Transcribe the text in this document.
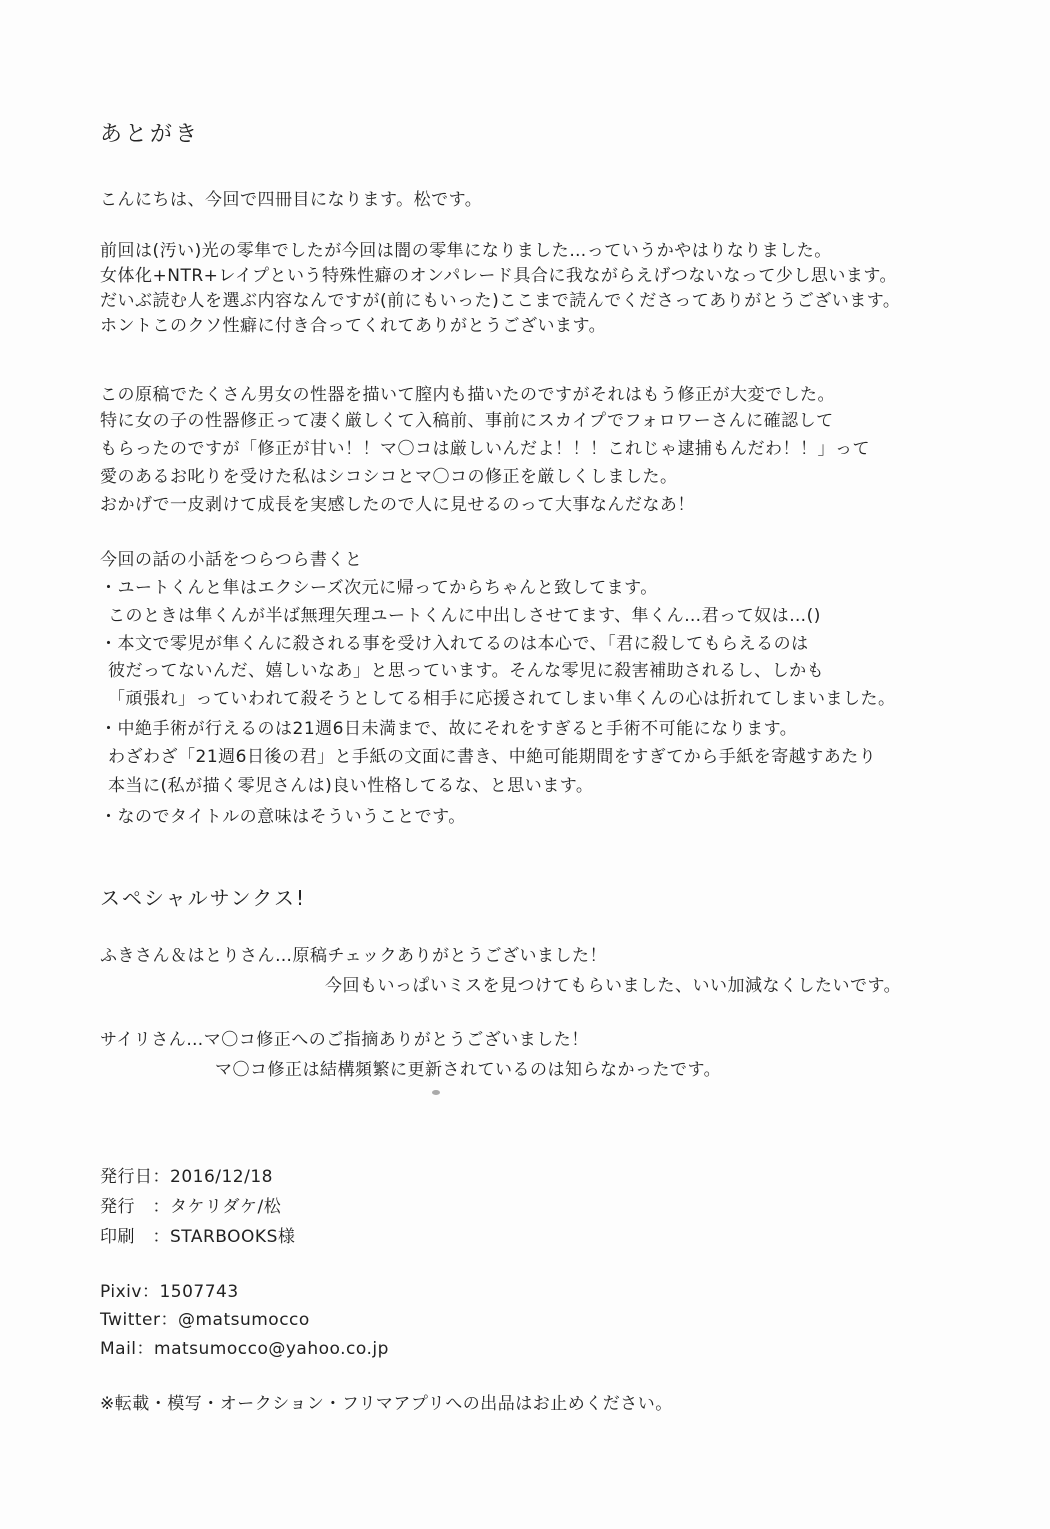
あとがき
こんにちは、今回で四冊目になります。松です。
前回は(汚い)光の零隼でしたが今回は闇の零隼になりました…っていうかやはりなりました。
女体化+NTR+レイプという特殊性癖のオンパレード具合に我ながらえげつないなって少し思います。
だいぶ読む人を選ぶ内容なんですが(前にもいった)ここまで読んでくださってありがとうございます。
ホントこのクソ性癖に付き合ってくれてありがとうございます。
この原稿でたくさん男女の性器を描いて膣内も描いたのですがそれはもう修正が大変でした。
特に女の子の性器修正って凄く厳しくて入稿前、事前にスカイプでフォロワーさんに確認して
もらったのですが「修正が甘い！！マ〇コは厳しいんだよ！！！これじゃ逮捕もんだわ！！」って
愛のあるお叱りを受けた私はシコシコとマ〇コの修正を厳しくしました。
おかげで一皮剥けて成長を実感したので人に見せるのって大事なんだなあ！
今回の話の小話をつらつら書くと
・ユートくんと隼はエクシーズ次元に帰ってからちゃんと致してます。
このときは隼くんが半ば無理矢理ユートくんに中出しさせてます、隼くん…君って奴は…()
・本文で零児が隼くんに殺される事を受け入れてるのは本心で、「君に殺してもらえるのは
彼だってないんだ、嬉しいなあ」と思っています。そんな零児に殺害補助されるし、しかも
「頑張れ」っていわれて殺そうとしてる相手に応援されてしまい隼くんの心は折れてしまいました。
・中絶手術が行えるのは21週6日未満まで、故にそれをすぎると手術不可能になります。
わざわざ「21週6日後の君」と手紙の文面に書き、中絶可能期間をすぎてから手紙を寄越すあたり
本当に(私が描く零児さんは)良い性格してるな、と思います。
・なのでタイトルの意味はそういうことです。
スペシャルサンクス!
ふきさん＆はとりさん…原稿チェックありがとうございました！
今回もいっぱいミスを見つけてもらいました、いい加減なくしたいです。
サイリさん…マ〇コ修正へのご指摘ありがとうございました！
マ〇コ修正は結構頻繁に更新されているのは知らなかったです。
発行日：2016/12/18
発行　：タケリダケ/松
印刷　：STARBOOKS様
Pixiv：1507743
Twitter：@matsumocco
Mail：matsumocco@yahoo.co.jp
※転載・模写・オークション・フリマアプリへの出品はお止めください。
